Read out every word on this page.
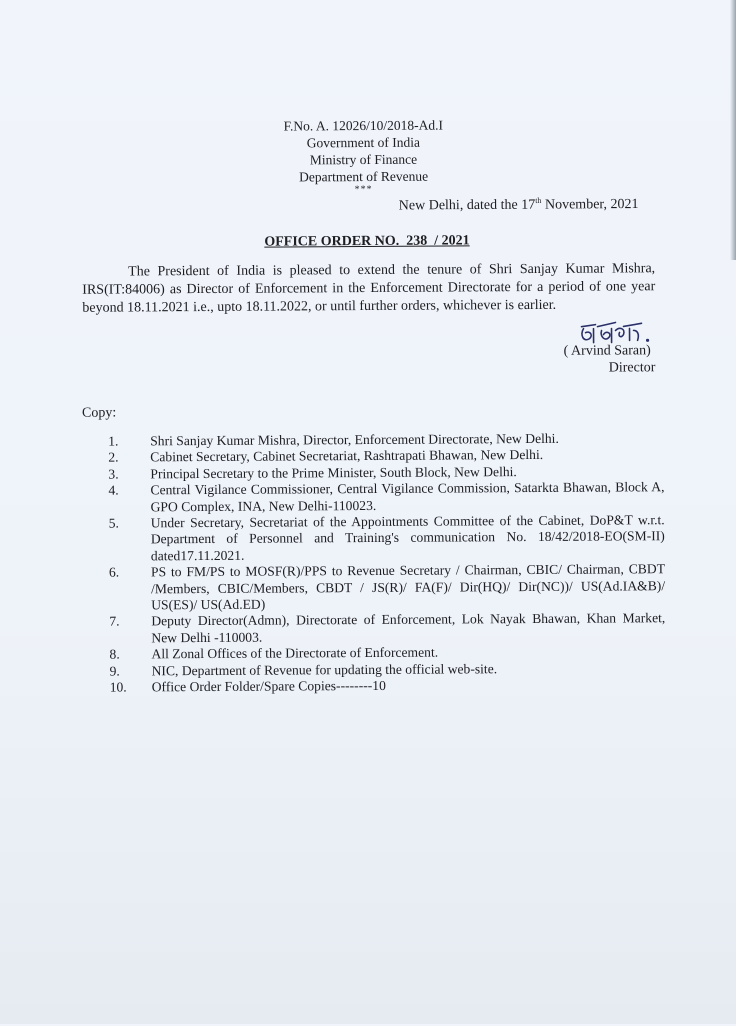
F.No. A. 12026/10/2018-Ad.I
Government of India
Ministry of Finance
Department of Revenue
***
New Delhi, dated the 17th November, 2021
OFFICE ORDER NO.  238  / 2021
The President of India is pleased to extend the tenure of Shri Sanjay Kumar Mishra, IRS(IT:84006) as Director of Enforcement in the Enforcement Directorate for a period of one year beyond 18.11.2021 i.e., upto 18.11.2022, or until further orders, whichever is earlier.
( Arvind Saran)
Director
Copy:
1.	Shri Sanjay Kumar Mishra, Director, Enforcement Directorate, New Delhi.
2.	Cabinet Secretary, Cabinet Secretariat, Rashtrapati Bhawan, New Delhi.
3.	Principal Secretary to the Prime Minister, South Block, New Delhi.
4.	Central Vigilance Commissioner, Central Vigilance Commission, Satarkta Bhawan, Block A, GPO Complex, INA, New Delhi-110023.
5.	Under Secretary, Secretariat of the Appointments Committee of the Cabinet, DoP&T w.r.t. Department of Personnel and Training's communication No. 18/42/2018-EO(SM-II) dated17.11.2021.
6.	PS to FM/PS to MOSF(R)/PPS to Revenue Secretary / Chairman, CBIC/ Chairman, CBDT /Members, CBIC/Members, CBDT / JS(R)/ FA(F)/ Dir(HQ)/ Dir(NC))/ US(Ad.IA&B)/ US(ES)/ US(Ad.ED)
7.	Deputy Director(Admn), Directorate of Enforcement, Lok Nayak Bhawan, Khan Market, New Delhi -110003.
8.	All Zonal Offices of the Directorate of Enforcement.
9.	NIC, Department of Revenue for updating the official web-site.
10.	Office Order Folder/Spare Copies--------10
